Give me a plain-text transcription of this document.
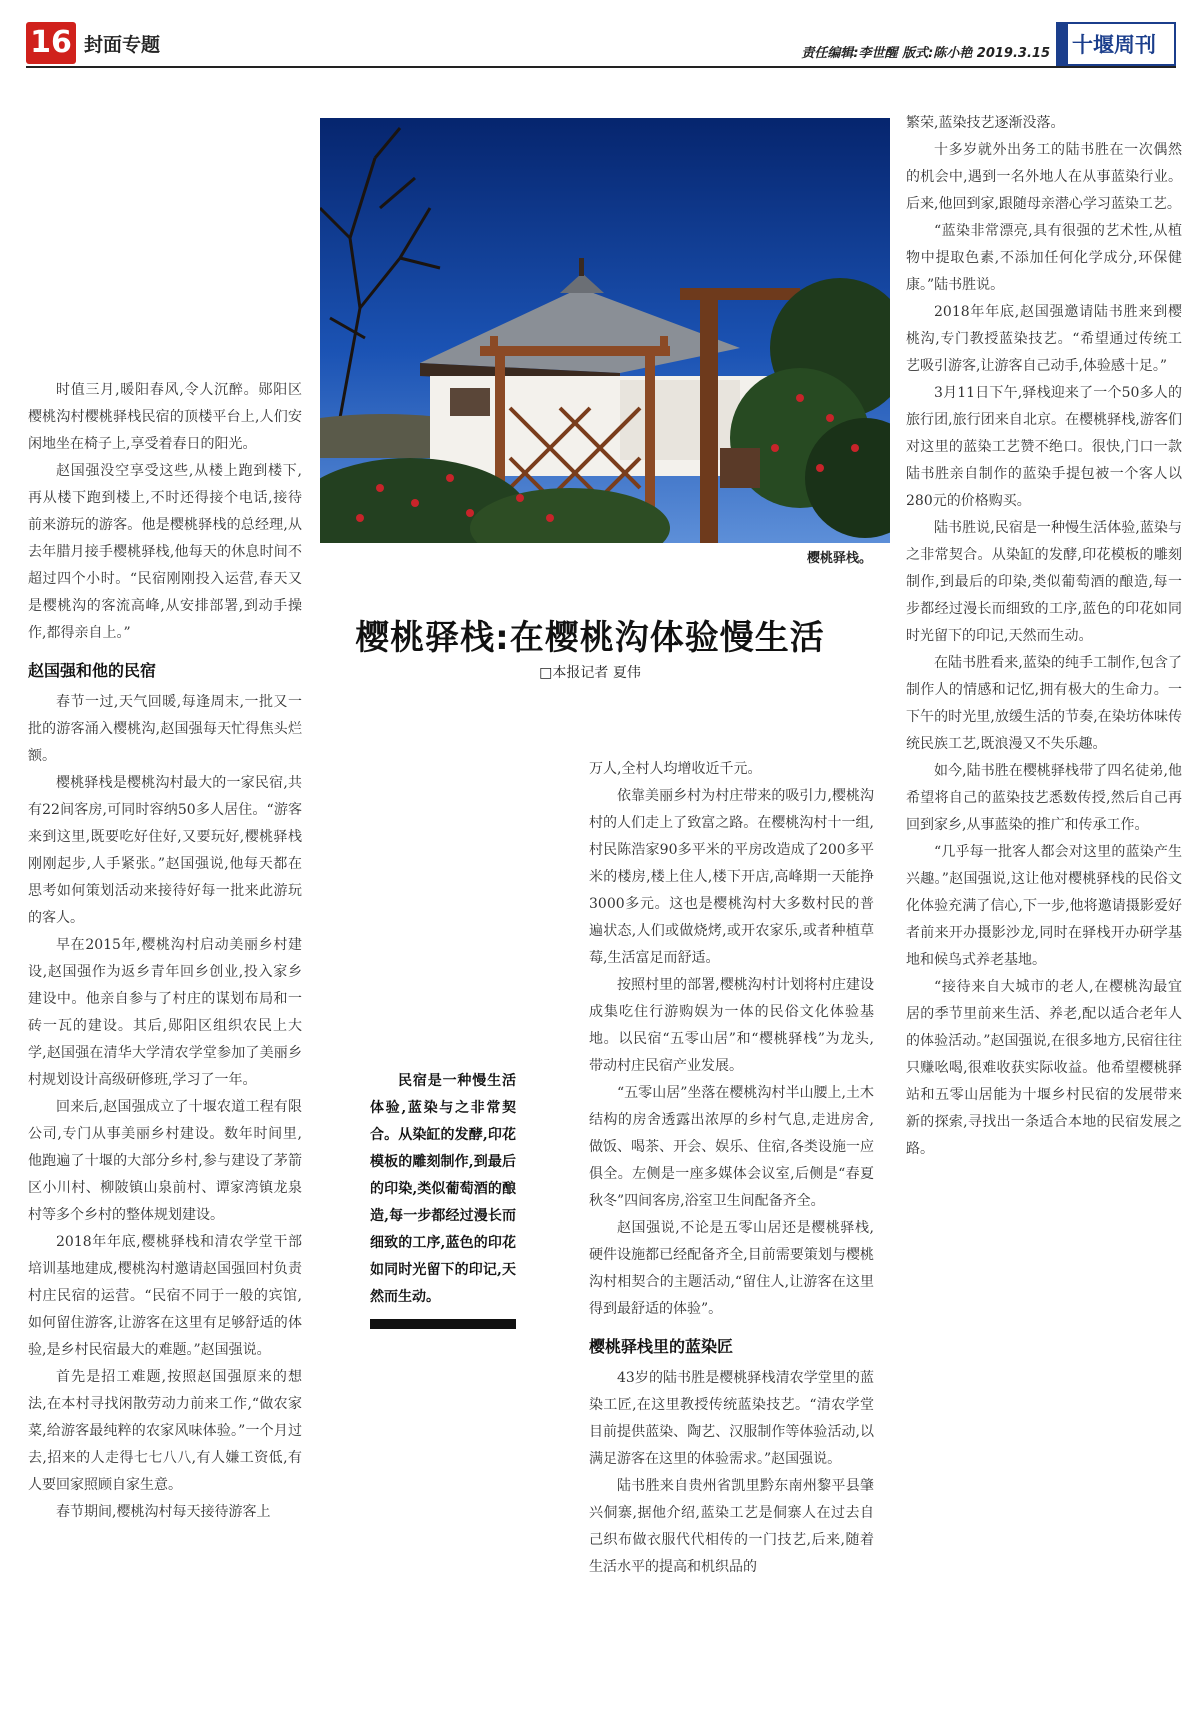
16 封面专题	责任编辑:李世醒 版式:陈小艳 2019.3.15 十堰周刊
樱桃驿栈。
樱桃驿栈:在樱桃沟体验慢生活
□本报记者 夏伟

时值三月,暖阳春风,令人沉醉。郧阳区樱桃沟村樱桃驿栈民宿的顶楼平台上,人们安闲地坐在椅子上,享受着春日的阳光。

赵国强没空享受这些,从楼上跑到楼下,再从楼下跑到楼上,不时还得接个电话,接待前来游玩的游客。他是樱桃驿栈的总经理,从去年腊月接手樱桃驿栈,他每天的休息时间不超过四个小时。“民宿刚刚投入运营,春天又是樱桃沟的客流高峰,从安排部署,到动手操作,都得亲自上。”

赵国强和他的民宿

春节一过,天气回暖,每逢周末,一批又一批的游客涌入樱桃沟,赵国强每天忙得焦头烂额。

樱桃驿栈是樱桃沟村最大的一家民宿,共有22间客房,可同时容纳50多人居住。“游客来到这里,既要吃好住好,又要玩好,樱桃驿栈刚刚起步,人手紧张。”赵国强说,他每天都在思考如何策划活动来接待好每一批来此游玩的客人。

早在2015年,樱桃沟村启动美丽乡村建设,赵国强作为返乡青年回乡创业,投入家乡建设中。他亲自参与了村庄的谋划布局和一砖一瓦的建设。其后,郧阳区组织农民上大学,赵国强在清华大学清农学堂参加了美丽乡村规划设计高级研修班,学习了一年。

回来后,赵国强成立了十堰农道工程有限公司,专门从事美丽乡村建设。数年时间里,他跑遍了十堰的大部分乡村,参与建设了茅箭区小川村、柳陂镇山泉前村、谭家湾镇龙泉村等多个乡村的整体规划建设。

2018年年底,樱桃驿栈和清农学堂干部培训基地建成,樱桃沟村邀请赵国强回村负责村庄民宿的运营。“民宿不同于一般的宾馆,如何留住游客,让游客在这里有足够舒适的体验,是乡村民宿最大的难题。”赵国强说。

首先是招工难题,按照赵国强原来的想法,在本村寻找闲散劳动力前来工作,“做农家菜,给游客最纯粹的农家风味体验。”一个月过去,招来的人走得七七八八,有人嫌工资低,有人要回家照顾自家生意。

春节期间,樱桃沟村每天接待游客上

民宿是一种慢生活体验,蓝染与之非常契合。从染缸的发酵,印花模板的雕刻制作,到最后的印染,类似葡萄酒的酿造,每一步都经过漫长而细致的工序,蓝色的印花如同时光留下的印记,天然而生动。

万人,全村人均增收近千元。

依靠美丽乡村为村庄带来的吸引力,樱桃沟村的人们走上了致富之路。在樱桃沟村十一组,村民陈浩家90多平米的平房改造成了200多平米的楼房,楼上住人,楼下开店,高峰期一天能挣3000多元。这也是樱桃沟村大多数村民的普遍状态,人们或做烧烤,或开农家乐,或者种植草莓,生活富足而舒适。

按照村里的部署,樱桃沟村计划将村庄建设成集吃住行游购娱为一体的民俗文化体验基地。以民宿“五零山居”和“樱桃驿栈”为龙头,带动村庄民宿产业发展。

“五零山居”坐落在樱桃沟村半山腰上,土木结构的房舍透露出浓厚的乡村气息,走进房舍,做饭、喝茶、开会、娱乐、住宿,各类设施一应俱全。左侧是一座多媒体会议室,后侧是“春夏秋冬”四间客房,浴室卫生间配备齐全。

赵国强说,不论是五零山居还是樱桃驿栈,硬件设施都已经配备齐全,目前需要策划与樱桃沟村相契合的主题活动,“留住人,让游客在这里得到最舒适的体验”。

樱桃驿栈里的蓝染匠

43岁的陆书胜是樱桃驿栈清农学堂里的蓝染工匠,在这里教授传统蓝染技艺。“清农学堂目前提供蓝染、陶艺、汉服制作等体验活动,以满足游客在这里的体验需求。”赵国强说。

陆书胜来自贵州省凯里黔东南州黎平县肇兴侗寨,据他介绍,蓝染工艺是侗寨人在过去自己织布做衣服代代相传的一门技艺,后来,随着生活水平的提高和机织品的

繁荣,蓝染技艺逐渐没落。

十多岁就外出务工的陆书胜在一次偶然的机会中,遇到一名外地人在从事蓝染行业。后来,他回到家,跟随母亲潜心学习蓝染工艺。

“蓝染非常漂亮,具有很强的艺术性,从植物中提取色素,不添加任何化学成分,环保健康。”陆书胜说。

2018年年底,赵国强邀请陆书胜来到樱桃沟,专门教授蓝染技艺。“希望通过传统工艺吸引游客,让游客自己动手,体验感十足。”

3月11日下午,驿栈迎来了一个50多人的旅行团,旅行团来自北京。在樱桃驿栈,游客们对这里的蓝染工艺赞不绝口。很快,门口一款陆书胜亲自制作的蓝染手提包被一个客人以280元的价格购买。

陆书胜说,民宿是一种慢生活体验,蓝染与之非常契合。从染缸的发酵,印花模板的雕刻制作,到最后的印染,类似葡萄酒的酿造,每一步都经过漫长而细致的工序,蓝色的印花如同时光留下的印记,天然而生动。

在陆书胜看来,蓝染的纯手工制作,包含了制作人的情感和记忆,拥有极大的生命力。一下午的时光里,放缓生活的节奏,在染坊体味传统民族工艺,既浪漫又不失乐趣。

如今,陆书胜在樱桃驿栈带了四名徒弟,他希望将自己的蓝染技艺悉数传授,然后自己再回到家乡,从事蓝染的推广和传承工作。

“几乎每一批客人都会对这里的蓝染产生兴趣。”赵国强说,这让他对樱桃驿栈的民俗文化体验充满了信心,下一步,他将邀请摄影爱好者前来开办摄影沙龙,同时在驿栈开办研学基地和候鸟式养老基地。

“接待来自大城市的老人,在樱桃沟最宜居的季节里前来生活、养老,配以适合老年人的体验活动。”赵国强说,在很多地方,民宿往往只赚吆喝,很难收获实际收益。他希望樱桃驿站和五零山居能为十堰乡村民宿的发展带来新的探索,寻找出一条适合本地的民宿发展之路。
